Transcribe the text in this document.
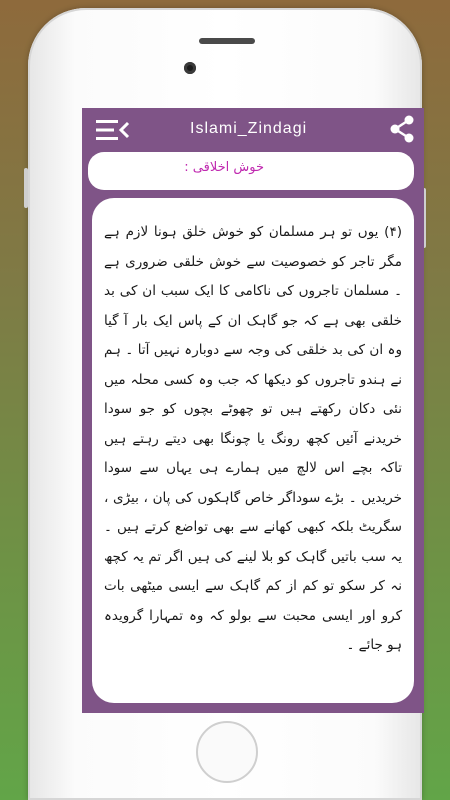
Islami_Zindagi
خوش اخلاقی :
(۴) یوں تو ہر مسلمان کو خوش خلق ہونا لازم ہے مگر تاجر کو خصوصیت سے خوش خلقی ضروری ہے ۔ مسلمان تاجروں کی ناکامی کا ایک سبب ان کی بد خلقی بھی ہے کہ جو گاہک ان کے پاس ایک بار آ گیا وہ ان کی بد خلقی کی وجہ سے دوبارہ نہیں آتا ۔ ہم نے ہندو تاجروں کو دیکھا کہ جب وہ کسی محلہ میں نئی دکان رکھتے ہیں تو چھوٹے بچوں کو جو سودا خریدنے آئیں کچھ رونگ یا چونگا بھی دیتے رہتے ہیں تاکہ بچے اس لالچ میں ہمارے ہی یہاں سے سودا خریدیں ۔ بڑے سوداگر خاص گاہکوں کی پان ، بیڑی ، سگریٹ بلکہ کبھی کھانے سے بھی تواضع کرتے ہیں ۔ یہ سب باتیں گاہک کو بلا لینے کی ہیں اگر تم یہ کچھ نہ کر سکو تو کم از کم گاہک سے ایسی میٹھی بات کرو اور ایسی محبت سے بولو کہ وہ تمہارا گرویدہ ہو جائے ۔
